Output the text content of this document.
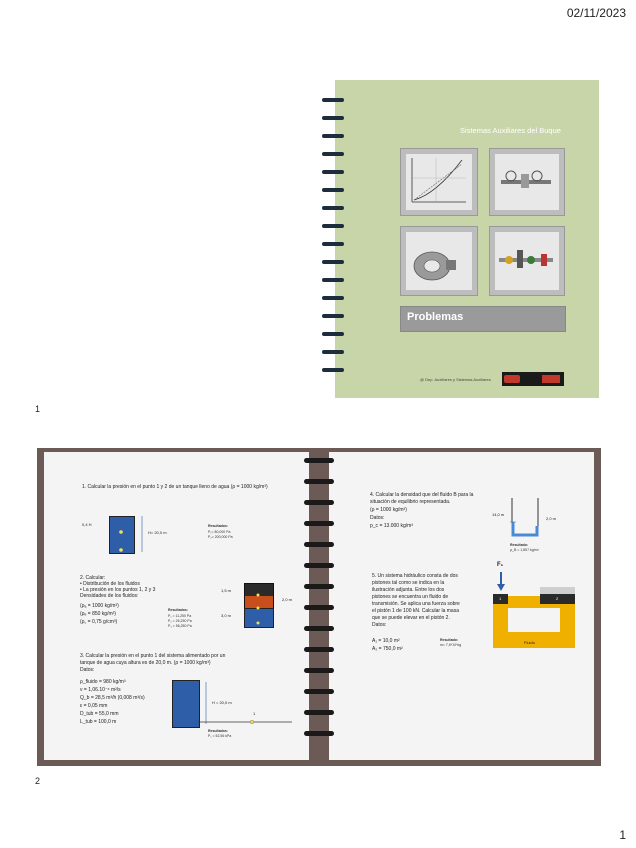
02/11/2023
Sistemas Auxiliares del Buque
Problemas
@ Dep. Auxiliares y Sistemas Auxiliares
1
1. Calcular la presión en el punto 1 y 2 de un tanque lleno de agua (ρ = 1000 kg/m³)
0,4 H
H= 20,0 m
Resultados:
P₁= 80,000 Pa
P₂= 200,000 Pa
2. Calcular:
• Distribución de los fluidos
• La presión en los puntos 1, 2 y 3
Densidades de los fluidos:
(ρₐ = 1000 kg/m³)
(ρₑ = 850 kg/m³)
(ρ꜀ = 0,75 g/cm³)
Resultados:
P₁ = 11,250 Pa
P₂ = 26,250 Pa
P₃ = 56,250 Pa
1,5 m
3,0 m
2,0 m
3. Calcular la presión en el punto 1 del sistema alimentado por un
tanque de agua cuya altura es de 20,0 m. (ρ = 1000 kg/m³)
Datos:
ρ_fluido = 980 kg/m³
ν = 1,06.10⁻⁶ m²/s
Q_b = 28,5 m³/h (0,008 m³/s)
ε = 0,05 mm
D_tub = 55,0 mm
L_tub = 100,0 m
H = 20,0 m
1
Resultados:
P₁ = 52,56 kPa
4. Calcular la densidad que del fluido B para la
situación de equilibrio representada.
(ρ = 1000 kg/m³)
Datos:
p_c = 13.000 kg/m³
14,0 m
2,0 m
Resultado:
ρ_B = 1,857 kg/m³
5. Un sistema hidráulico consta de dos
pistones tal como se indica en la
ilustración adjunta. Entre los dos
pistones se encuentra un fluido de
transmisión. Se aplica una fuerza sobre
el pistón 1 de 100 kN. Calcular la masa
que se puede elevar en el pistón 2.
Datos:
A₁ = 10,0 m²
A₂ = 750,0 m²
Resultado:
m= 7,6*10⁶kg
F₁
1	2
Fluido
2
1
